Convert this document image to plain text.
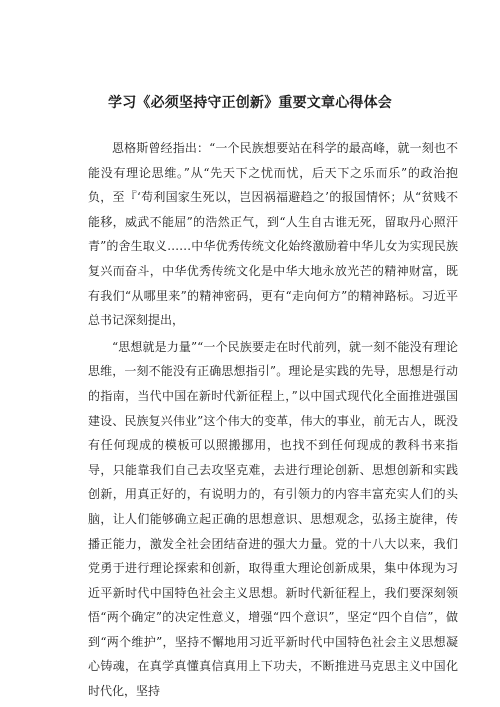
学习《必须坚持守正创新》重要文章心得体会

恩格斯曾经指出：“一个民族想要站在科学的最高峰，就一刻也不能没有理论思维。”从“先天下之忧而忧，后天下之乐而乐”的政治抱负，至『‘苟利国家生死以，岂因祸福避趋之’的报国情怀；从“贫贱不能移，威武不能屈”的浩然正气，到“人生自古谁无死，留取丹心照汗青”的舍生取义……中华优秀传统文化始终激励着中华儿女为实现民族复兴而奋斗，中华优秀传统文化是中华大地永放光芒的精神财富，既有我们“从哪里来”的精神密码，更有“走向何方”的精神路标。习近平总书记深刻提出，

“思想就是力量”“一个民族要走在时代前列，就一刻不能没有理论思维，一刻不能没有正确思想指引”。理论是实践的先导，思想是行动的指南，当代中国在新时代新征程上，”以中国式现代化全面推进强国建设、民族复兴伟业”这个伟大的变革，伟大的事业，前无古人，既没有任何现成的模板可以照搬挪用，也找不到任何现成的教科书来指导，只能靠我们自己去攻坚克难，去进行理论创新、思想创新和实践创新，用真正好的，有说明力的，有引领力的内容丰富充实人们的头脑，让人们能够确立起正确的思想意识、思想观念，弘扬主旋律，传播正能力，激发全社会团结奋进的强大力量。党的十八大以来，我们党勇于进行理论探索和创新，取得重大理论创新成果，集中体现为习近平新时代中国特色社会主义思想。新时代新征程上，我们要深刻领悟“两个确定”的决定性意义，增强“四个意识”，坚定“四个自信”，做到“两个维护”，坚持不懈地用习近平新时代中国特色社会主义思想凝心铸魂，在真学真懂真信真用上下功夫，不断推进马克思主义中国化时代化，坚持
